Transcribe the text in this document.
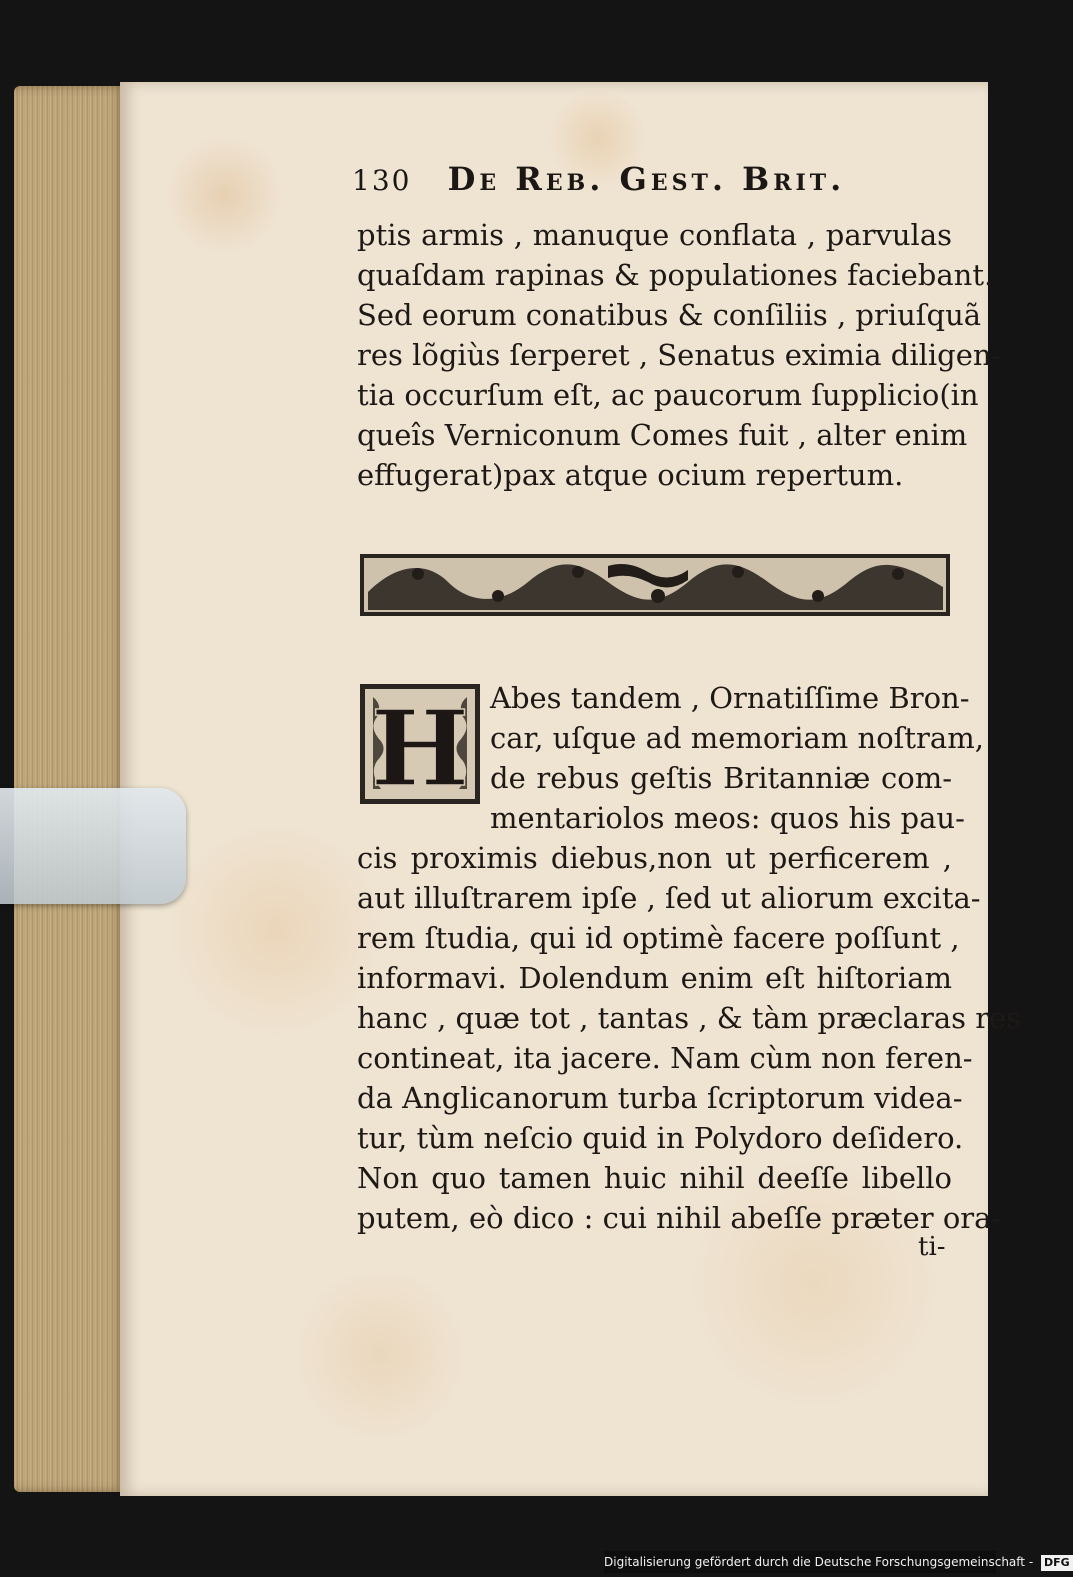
130 De Reb. Gest. Brit.
ptis armis , manuque conflata , parvulas
quaſdam rapinas & populationes faciebant.
Sed eorum conatibus & conſiliis , priuſquã
res lõgiùs ſerperet , Senatus eximia diligen-
tia occurſum eſt, ac paucorum ſupplicio(in
queîs Verniconum Comes fuit , alter enim
effugerat)pax atque ocium repertum.
H Abes tandem , Ornatiſſime Bron-
car, uſque ad memoriam noſtram,
de rebus geſtis Britanniæ com-
mentariolos meos: quos his pau-
cis proximis diebus,non ut perficerem ,
aut illuſtrarem ipſe , ſed ut aliorum excita-
rem ſtudia, qui id optimè facere poſſunt ,
informavi. Dolendum enim eſt hiſtoriam
hanc , quæ tot , tantas , & tàm præclaras res
contineat, ita jacere. Nam cùm non feren-
da Anglicanorum turba ſcriptorum videa-
tur, tùm neſcio quid in Polydoro deſidero.
Non quo tamen huic nihil deeſſe libello
putem, eò dico : cui nihil abeſſe præter ora-
ti-
Digitalisierung gefördert durch die Deutsche Forschungsgemeinschaft - DFG
